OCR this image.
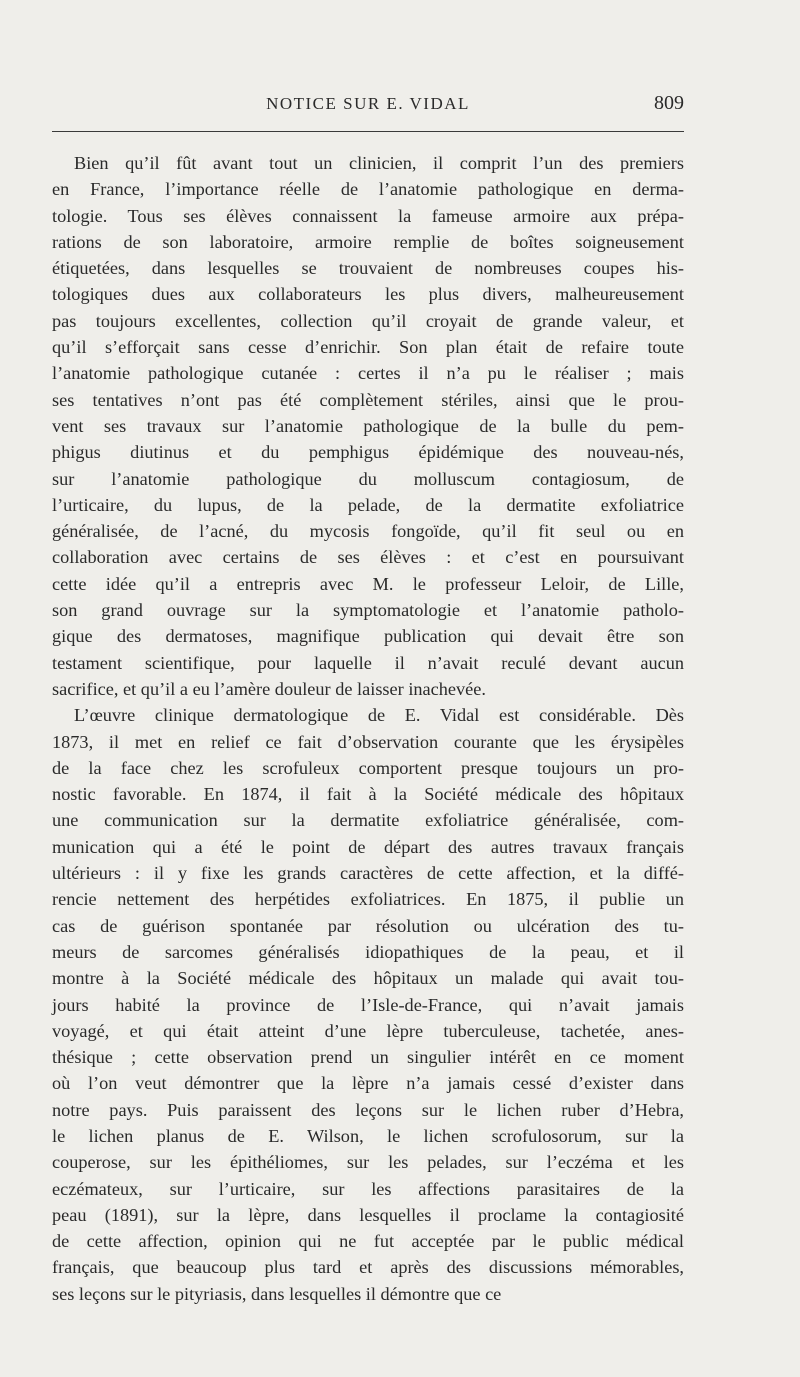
NOTICE SUR E. VIDAL	809
Bien qu’il fût avant tout un clinicien, il comprit l’un des premiers
en France, l’importance réelle de l’anatomie pathologique en derma-
tologie. Tous ses élèves connaissent la fameuse armoire aux prépa-
rations de son laboratoire, armoire remplie de boîtes soigneusement
étiquetées, dans lesquelles se trouvaient de nombreuses coupes his-
tologiques dues aux collaborateurs les plus divers, malheureusement
pas toujours excellentes, collection qu’il croyait de grande valeur, et
qu’il s’efforçait sans cesse d’enrichir. Son plan était de refaire toute
l’anatomie pathologique cutanée : certes il n’a pu le réaliser ; mais
ses tentatives n’ont pas été complètement stériles, ainsi que le prou-
vent ses travaux sur l’anatomie pathologique de la bulle du pem-
phigus diutinus et du pemphigus épidémique des nouveau-nés,
sur l’anatomie pathologique du molluscum contagiosum, de
l’urticaire, du lupus, de la pelade, de la dermatite exfoliatrice
généralisée, de l’acné, du mycosis fongoïde, qu’il fit seul ou en
collaboration avec certains de ses élèves : et c’est en poursuivant
cette idée qu’il a entrepris avec M. le professeur Leloir, de Lille,
son grand ouvrage sur la symptomatologie et l’anatomie patholo-
gique des dermatoses, magnifique publication qui devait être son
testament scientifique, pour laquelle il n’avait reculé devant aucun
sacrifice, et qu’il a eu l’amère douleur de laisser inachevée.
L’œuvre clinique dermatologique de E. Vidal est considérable. Dès
1873, il met en relief ce fait d’observation courante que les érysipèles
de la face chez les scrofuleux comportent presque toujours un pro-
nostic favorable. En 1874, il fait à la Société médicale des hôpitaux
une communication sur la dermatite exfoliatrice généralisée, com-
munication qui a été le point de départ des autres travaux français
ultérieurs : il y fixe les grands caractères de cette affection, et la diffé-
rencie nettement des herpétides exfoliatrices. En 1875, il publie un
cas de guérison spontanée par résolution ou ulcération des tu-
meurs de sarcomes généralisés idiopathiques de la peau, et il
montre à la Société médicale des hôpitaux un malade qui avait tou-
jours habité la province de l’Isle-de-France, qui n’avait jamais
voyagé, et qui était atteint d’une lèpre tuberculeuse, tachetée, anes-
thésique ; cette observation prend un singulier intérêt en ce moment
où l’on veut démontrer que la lèpre n’a jamais cessé d’exister dans
notre pays. Puis paraissent des leçons sur le lichen ruber d’Hebra,
le lichen planus de E. Wilson, le lichen scrofulosorum, sur la
couperose, sur les épithéliomes, sur les pelades, sur l’eczéma et les
eczémateux, sur l’urticaire, sur les affections parasitaires de la
peau (1891), sur la lèpre, dans lesquelles il proclame la contagiosité
de cette affection, opinion qui ne fut acceptée par le public médical
français, que beaucoup plus tard et après des discussions mémorables,
ses leçons sur le pityriasis, dans lesquelles il démontre que ce
